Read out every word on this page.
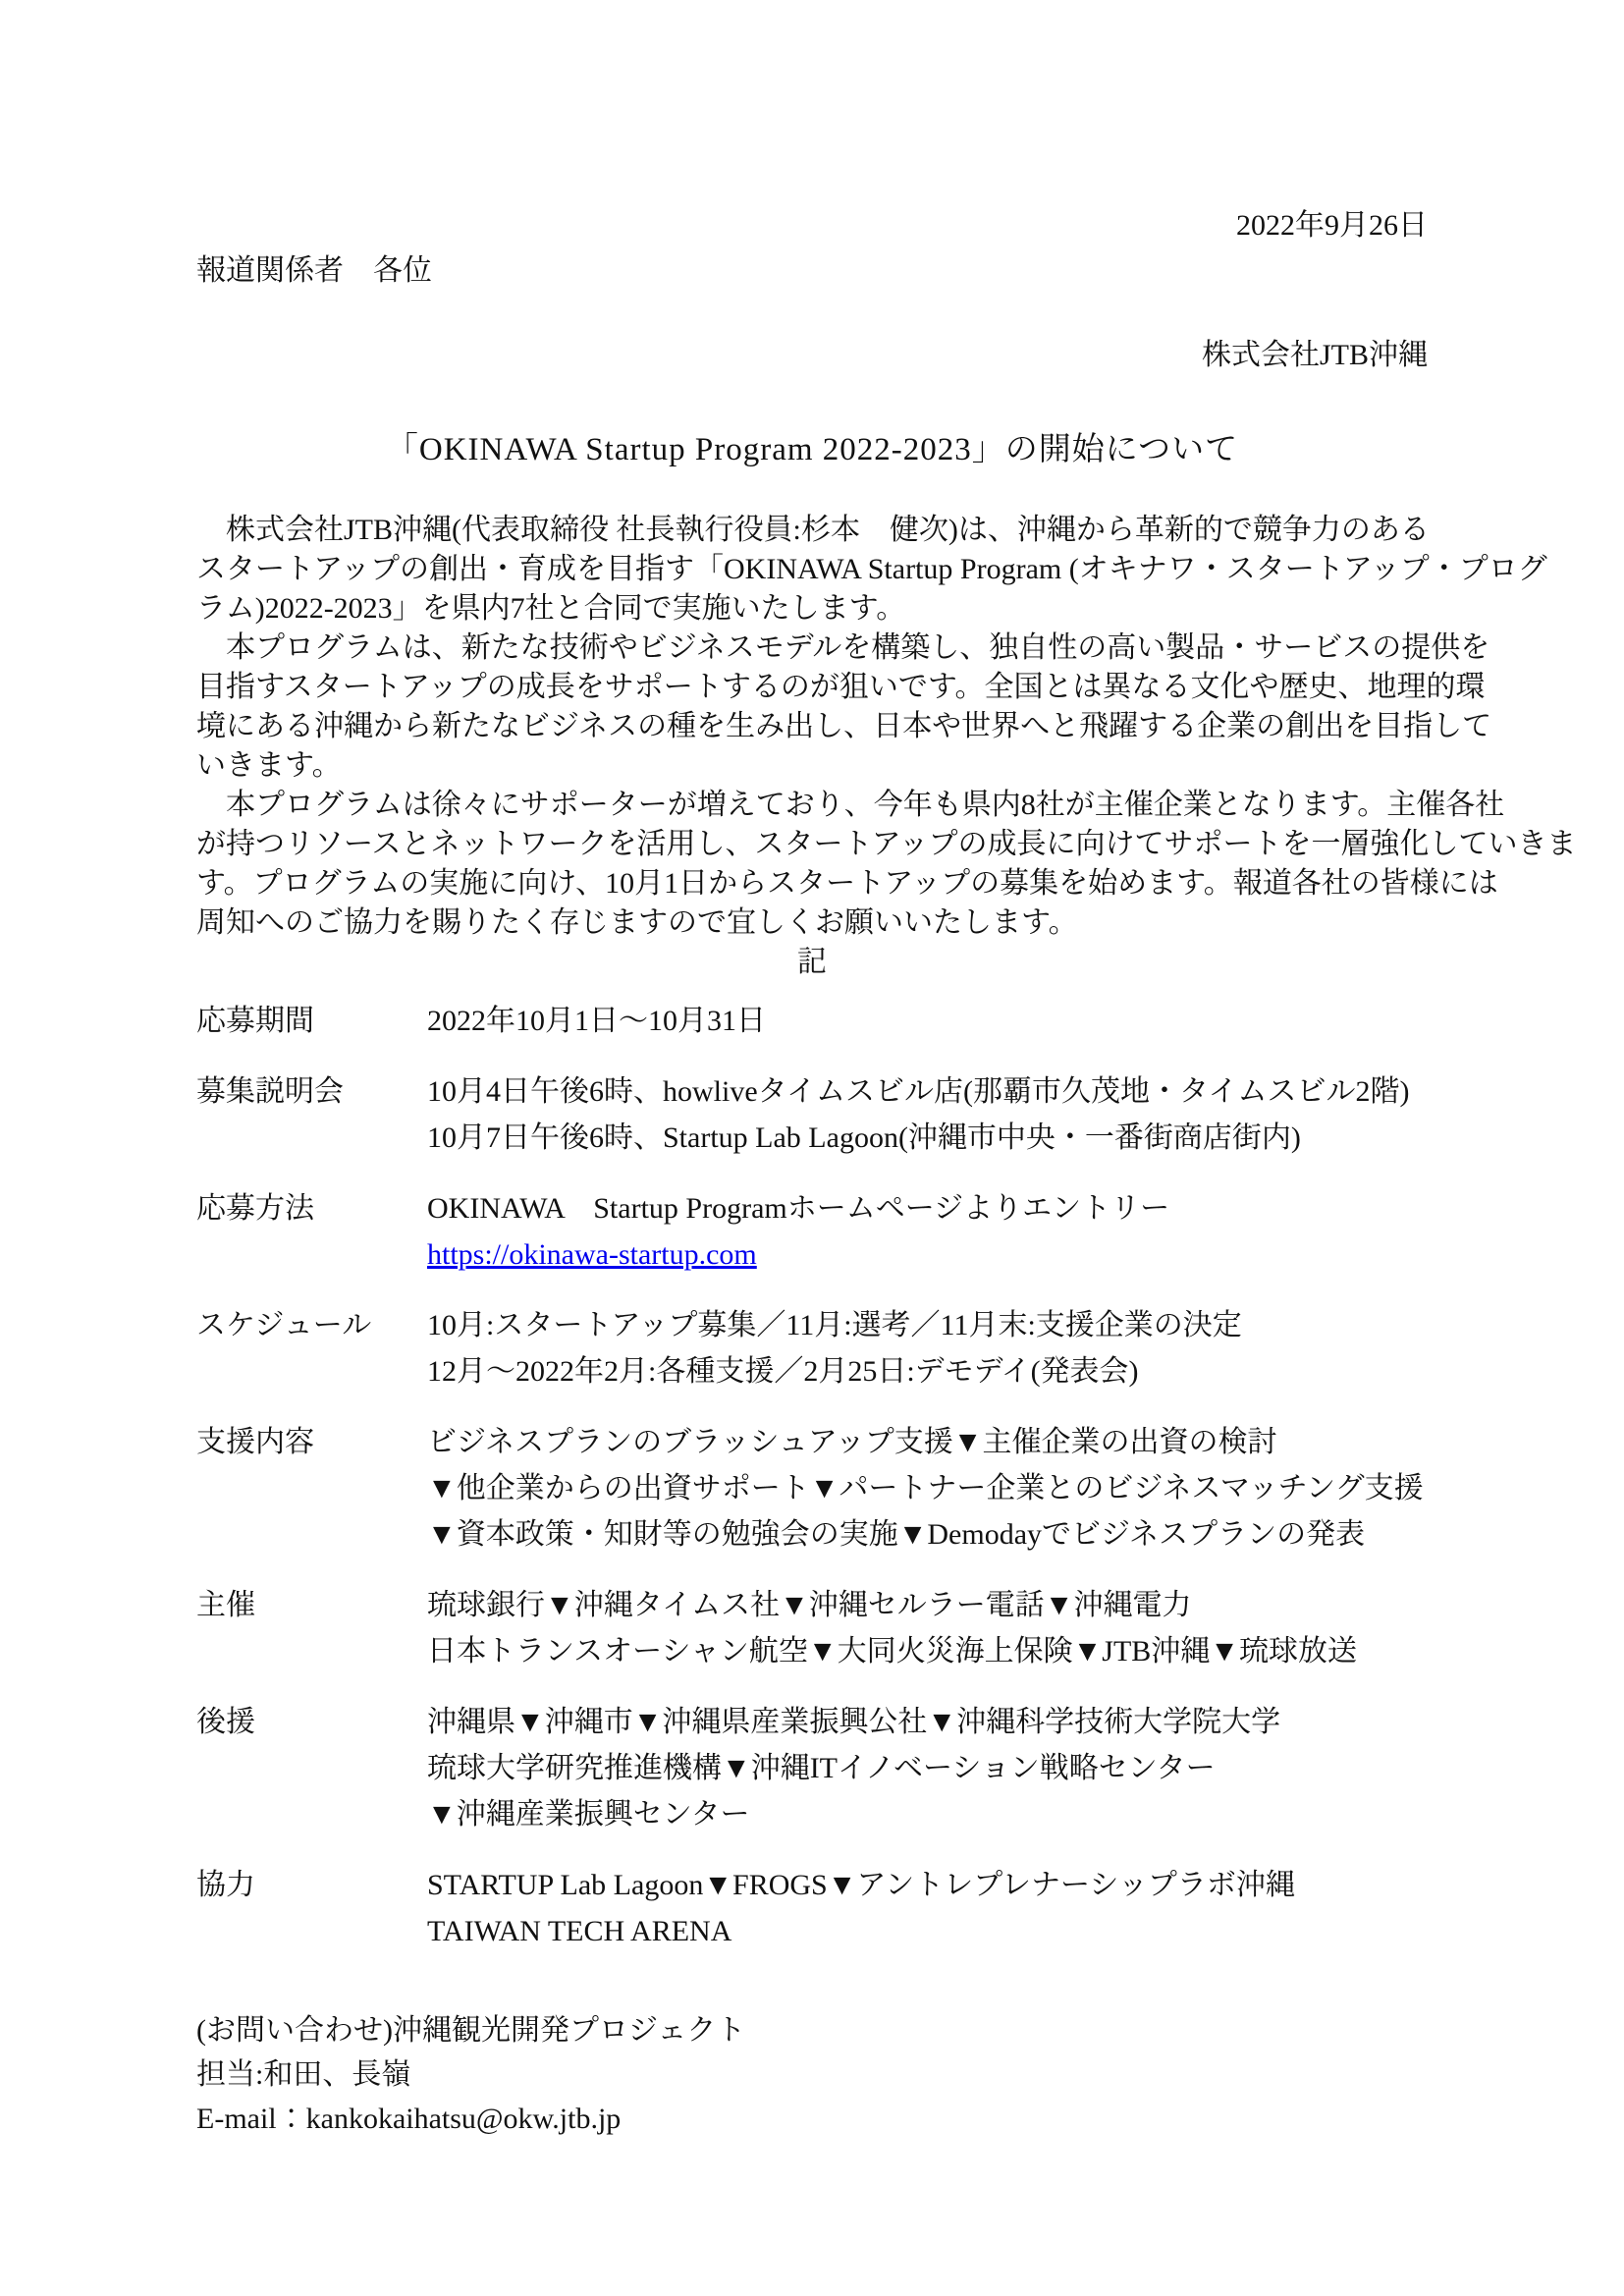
2022年9月26日
報道関係者　各位
株式会社JTB沖縄
「OKINAWA Startup Program 2022-2023」の開始について

　株式会社JTB沖縄(代表取締役 社長執行役員:杉本　健次)は、沖縄から革新的で競争力のある
スタートアップの創出・育成を目指す「OKINAWA Startup Program (オキナワ・スタートアップ・プログ
ラム)2022-2023」を県内7社と合同で実施いたします。

　本プログラムは、新たな技術やビジネスモデルを構築し、独自性の高い製品・サービスの提供を
目指すスタートアップの成長をサポートするのが狙いです。全国とは異なる文化や歴史、地理的環
境にある沖縄から新たなビジネスの種を生み出し、日本や世界へと飛躍する企業の創出を目指して
いきます。

　本プログラムは徐々にサポーターが増えており、今年も県内8社が主催企業となります。主催各社
が持つリソースとネットワークを活用し、スタートアップの成長に向けてサポートを一層強化していきま
す。プログラムの実施に向け、10月1日からスタートアップの募集を始めます。報道各社の皆様には
周知へのご協力を賜りたく存じますので宜しくお願いいたします。

記
応募期間	2022年10月1日～10月31日
募集説明会	10月4日午後6時、howliveタイムスビル店(那覇市久茂地・タイムスビル2階)
10月7日午後6時、Startup Lab Lagoon(沖縄市中央・一番街商店街内)
応募方法	OKINAWA　Startup Programホームページよりエントリー
https://okinawa-startup.com
スケジュール	10月:スタートアップ募集／11月:選考／11月末:支援企業の決定
12月～2022年2月:各種支援／2月25日:デモデイ(発表会)
支援内容	ビジネスプランのブラッシュアップ支援▼主催企業の出資の検討
▼他企業からの出資サポート▼パートナー企業とのビジネスマッチング支援
▼資本政策・知財等の勉強会の実施▼Demodayでビジネスプランの発表
主催	琉球銀行▼沖縄タイムス社▼沖縄セルラー電話▼沖縄電力
日本トランスオーシャン航空▼大同火災海上保険▼JTB沖縄▼琉球放送
後援	沖縄県▼沖縄市▼沖縄県産業振興公社▼沖縄科学技術大学院大学
琉球大学研究推進機構▼沖縄ITイノベーション戦略センター
▼沖縄産業振興センター
協力	STARTUP Lab Lagoon▼FROGS▼アントレプレナーシップラボ沖縄
TAIWAN TECH ARENA
(お問い合わせ)沖縄観光開発プロジェクト
担当:和田、長嶺
E-mail：kankokaihatsu@okw.jtb.jp
